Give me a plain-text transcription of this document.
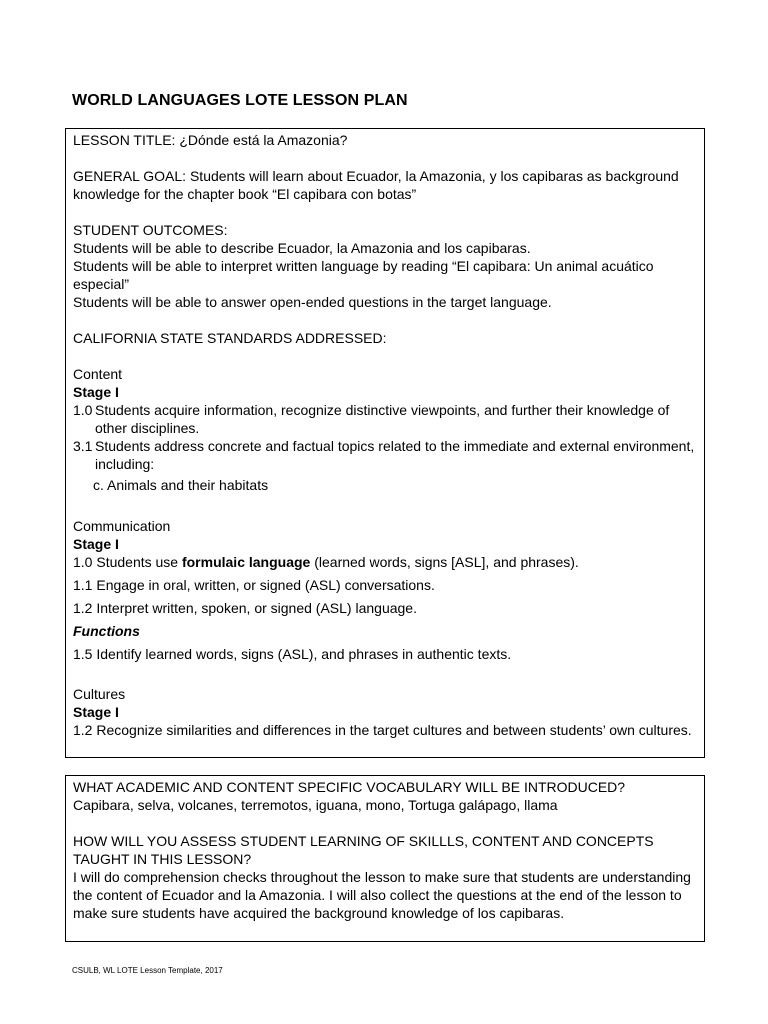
WORLD LANGUAGES LOTE LESSON PLAN
LESSON TITLE: ¿Dónde está la Amazonia?
GENERAL GOAL: Students will learn about Ecuador, la Amazonia, y los capibaras as background knowledge for the chapter book “El capibara con botas”
STUDENT OUTCOMES:
Students will be able to describe Ecuador, la Amazonia and los capibaras.
Students will be able to interpret written language by reading “El capibara: Un animal acuático especial”
Students will be able to answer open-ended questions in the target language.
CALIFORNIA STATE STANDARDS ADDRESSED:
Content
Stage I
1.0 Students acquire information, recognize distinctive viewpoints, and further their knowledge of other disciplines.
3.1 Students address concrete and factual topics related to the immediate and external environment, including:
c. Animals and their habitats
Communication
Stage I
1.0 Students use formulaic language (learned words, signs [ASL], and phrases).
1.1 Engage in oral, written, or signed (ASL) conversations.
1.2 Interpret written, spoken, or signed (ASL) language.
Functions
1.5 Identify learned words, signs (ASL), and phrases in authentic texts.
Cultures
Stage I
1.2 Recognize similarities and differences in the target cultures and between students’ own cultures.
WHAT ACADEMIC AND CONTENT SPECIFIC VOCABULARY WILL BE INTRODUCED?
Capibara, selva, volcanes, terremotos, iguana, mono, Tortuga galápago, llama
HOW WILL YOU ASSESS STUDENT LEARNING OF SKILLLS, CONTENT AND CONCEPTS TAUGHT IN THIS LESSON?
I will do comprehension checks throughout the lesson to make sure that students are understanding the content of Ecuador and la Amazonia. I will also collect the questions at the end of the lesson to make sure students have acquired the background knowledge of los capibaras.
CSULB, WL LOTE Lesson Template, 2017
